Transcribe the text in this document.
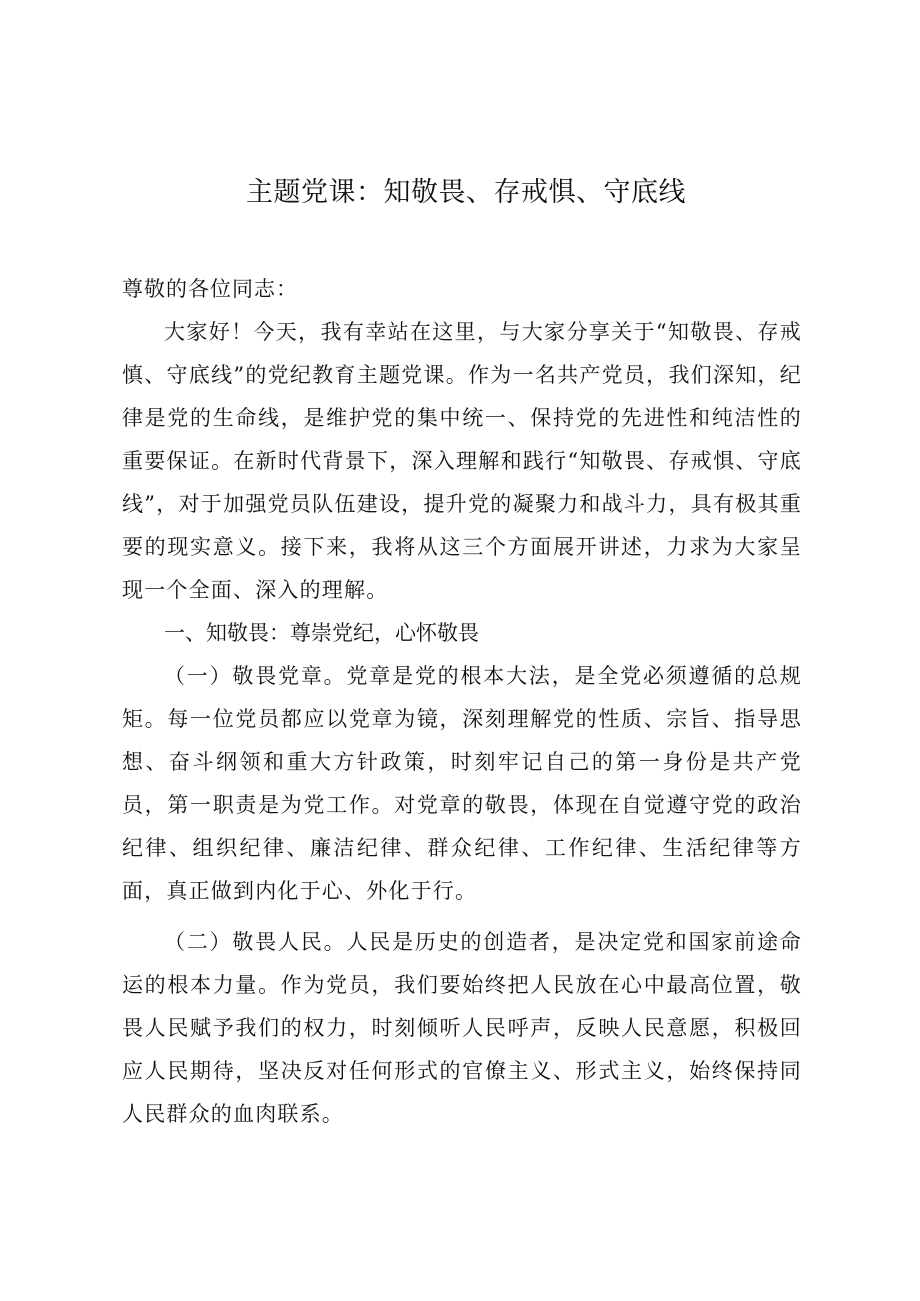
主题党课：知敬畏、存戒惧、守底线
尊敬的各位同志：

大家好！今天，我有幸站在这里，与大家分享关于“知敬畏、存戒慎、守底线”的党纪教育主题党课。作为一名共产党员，我们深知，纪律是党的生命线，是维护党的集中统一、保持党的先进性和纯洁性的重要保证。在新时代背景下，深入理解和践行“知敬畏、存戒惧、守底线”，对于加强党员队伍建设，提升党的凝聚力和战斗力，具有极其重要的现实意义。接下来，我将从这三个方面展开讲述，力求为大家呈现一个全面、深入的理解。

一、知敬畏：尊崇党纪，心怀敬畏

（一）敬畏党章。党章是党的根本大法，是全党必须遵循的总规矩。每一位党员都应以党章为镜，深刻理解党的性质、宗旨、指导思想、奋斗纲领和重大方针政策，时刻牢记自己的第一身份是共产党员，第一职责是为党工作。对党章的敬畏，体现在自觉遵守党的政治纪律、组织纪律、廉洁纪律、群众纪律、工作纪律、生活纪律等方面，真正做到内化于心、外化于行。

（二）敬畏人民。人民是历史的创造者，是决定党和国家前途命运的根本力量。作为党员，我们要始终把人民放在心中最高位置，敬畏人民赋予我们的权力，时刻倾听人民呼声，反映人民意愿，积极回应人民期待，坚决反对任何形式的官僚主义、形式主义，始终保持同人民群众的血肉联系。
